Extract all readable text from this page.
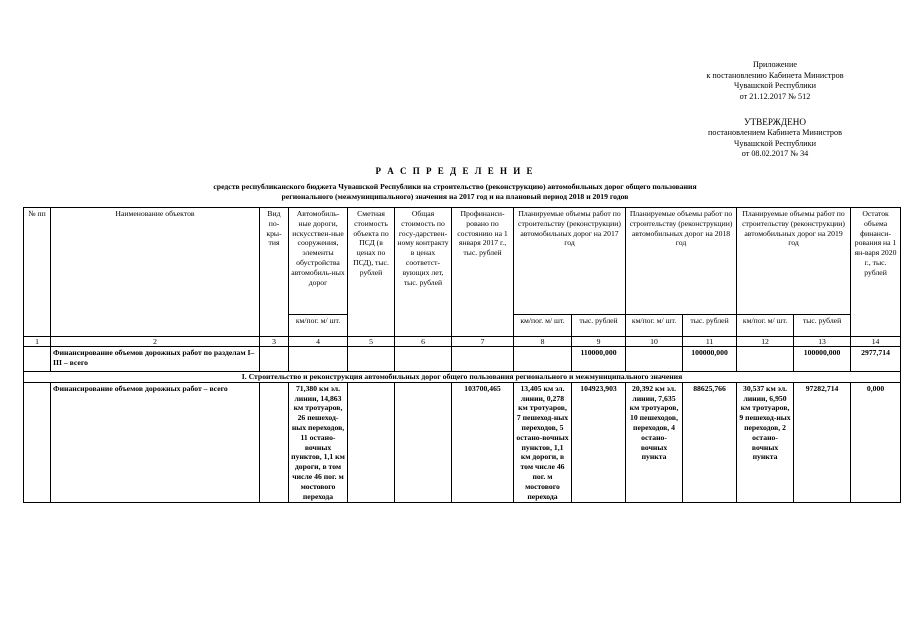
Приложение
к постановлению Кабинета Министров
Чувашской Республики
от 21.12.2017 № 512
УТВЕРЖДЕНО
постановлением Кабинета Министров
Чувашской Республики
от 08.02.2017 № 34
Р А С П Р Е Д Е Л Е Н И Е
средств республиканского бюджета Чувашской Республики на строительство (реконструкцию) автомобильных дорог общего пользования
регионального (межмуниципального) значения на 2017 год и на плановый период 2018 и 2019 годов
№ пп	Наименование объектов	Вид по-кры-тия	Автомобиль-ные дороги, искусствен-ные сооружения, элементы обустройства автомобиль-ных дорог	Сметная стоимость объекта по ПСД (в ценах по ПСД), тыс. рублей	Общая стоимость по госу-дарствен-ному контракту в ценах соответст-вующих лет, тыс. рублей	Профинанси-ровано по состоянию на 1 января 2017 г., тыс. рублей	Планируемые объемы работ по строительству (реконструкции) автомобильных дорог на 2017 год		Планируемые объемы работ по строительству (реконструкции) автомобильных дорог на 2018 год		Планируемые объемы работ по строительству (реконструкции) автомобильных дорог на 2019 год		Остаток объема финанси-рования на 1 ян-варя 2020 г., тыс. рублей
			км/пог. м/ шт.				км/пог. м/ шт.	тыс. рублей	км/пог. м/ шт.	тыс. рублей	км/пог. м/ шт.	тыс. рублей	
1	2	3	4	5	6	7	8	9	10	11	12	13	14
	Финансирование объемов дорожных работ по разделам I–III – всего							110000,000		100000,000		100000,000	2977,714
I. Строительство и реконструкция автомобильных дорог общего пользования регионального и межмуниципального значения													
	Финансирование объемов дорожных работ – всего		71,380 км эл. линии, 14,863 км тротуаров, 26 пешеход-ных переходов, 11 остано-вочных пунктов, 1,1 км дороги, в том числе 46 пог. м мостового перехода			103700,465	13,405 км эл. линии, 0,278 км тротуаров, 7 пешеход-ных переходов, 5 остано-вочных пунктов, 1,1 км дороги, в том числе 46 пог. м мостового перехода	104923,903	20,392 км эл. линии, 7,635 км тротуаров, 10 пешеходов, переходов, 4 остано-вочных пункта	88625,766	30,537 км эл. линии, 6,950 км тротуаров, 9 пешеход-ных переходов, 2 остано-вочных пункта	97282,714	0,000
